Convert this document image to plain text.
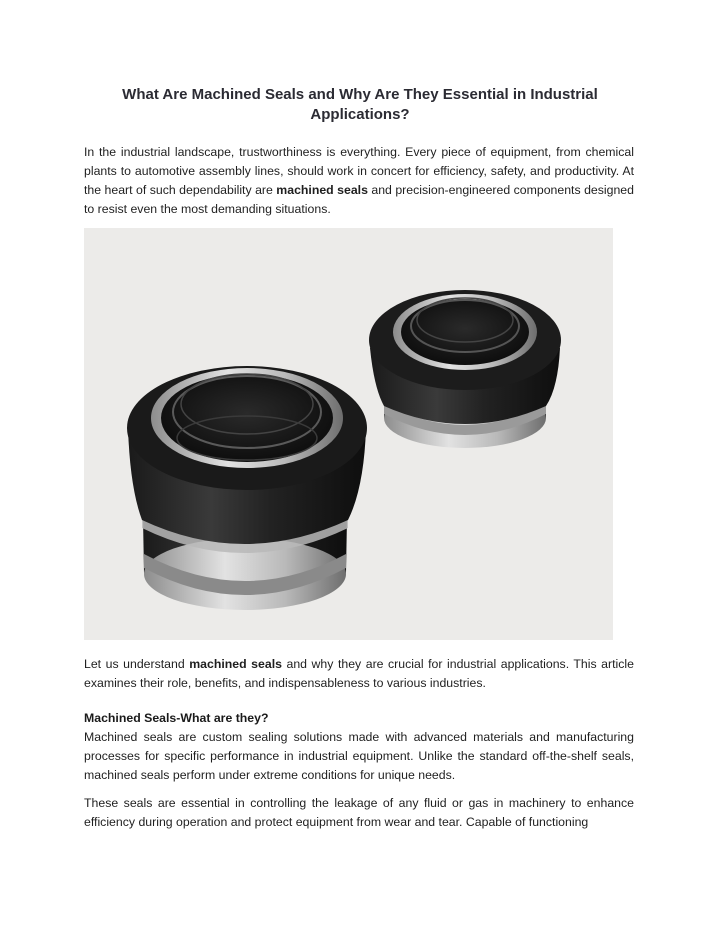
What Are Machined Seals and Why Are They Essential in Industrial Applications?

In the industrial landscape, trustworthiness is everything. Every piece of equipment, from chemical plants to automotive assembly lines, should work in concert for efficiency, safety, and productivity. At the heart of such dependability are machined seals and precision-engineered components designed to resist even the most demanding situations.

Let us understand machined seals and why they are crucial for industrial applications. This article examines their role, benefits, and indispensableness to various industries.

Machined Seals-What are they?

Machined seals are custom sealing solutions made with advanced materials and manufacturing processes for specific performance in industrial equipment. Unlike the standard off-the-shelf seals, machined seals perform under extreme conditions for unique needs.

These seals are essential in controlling the leakage of any fluid or gas in machinery to enhance efficiency during operation and protect equipment from wear and tear. Capable of functioning
